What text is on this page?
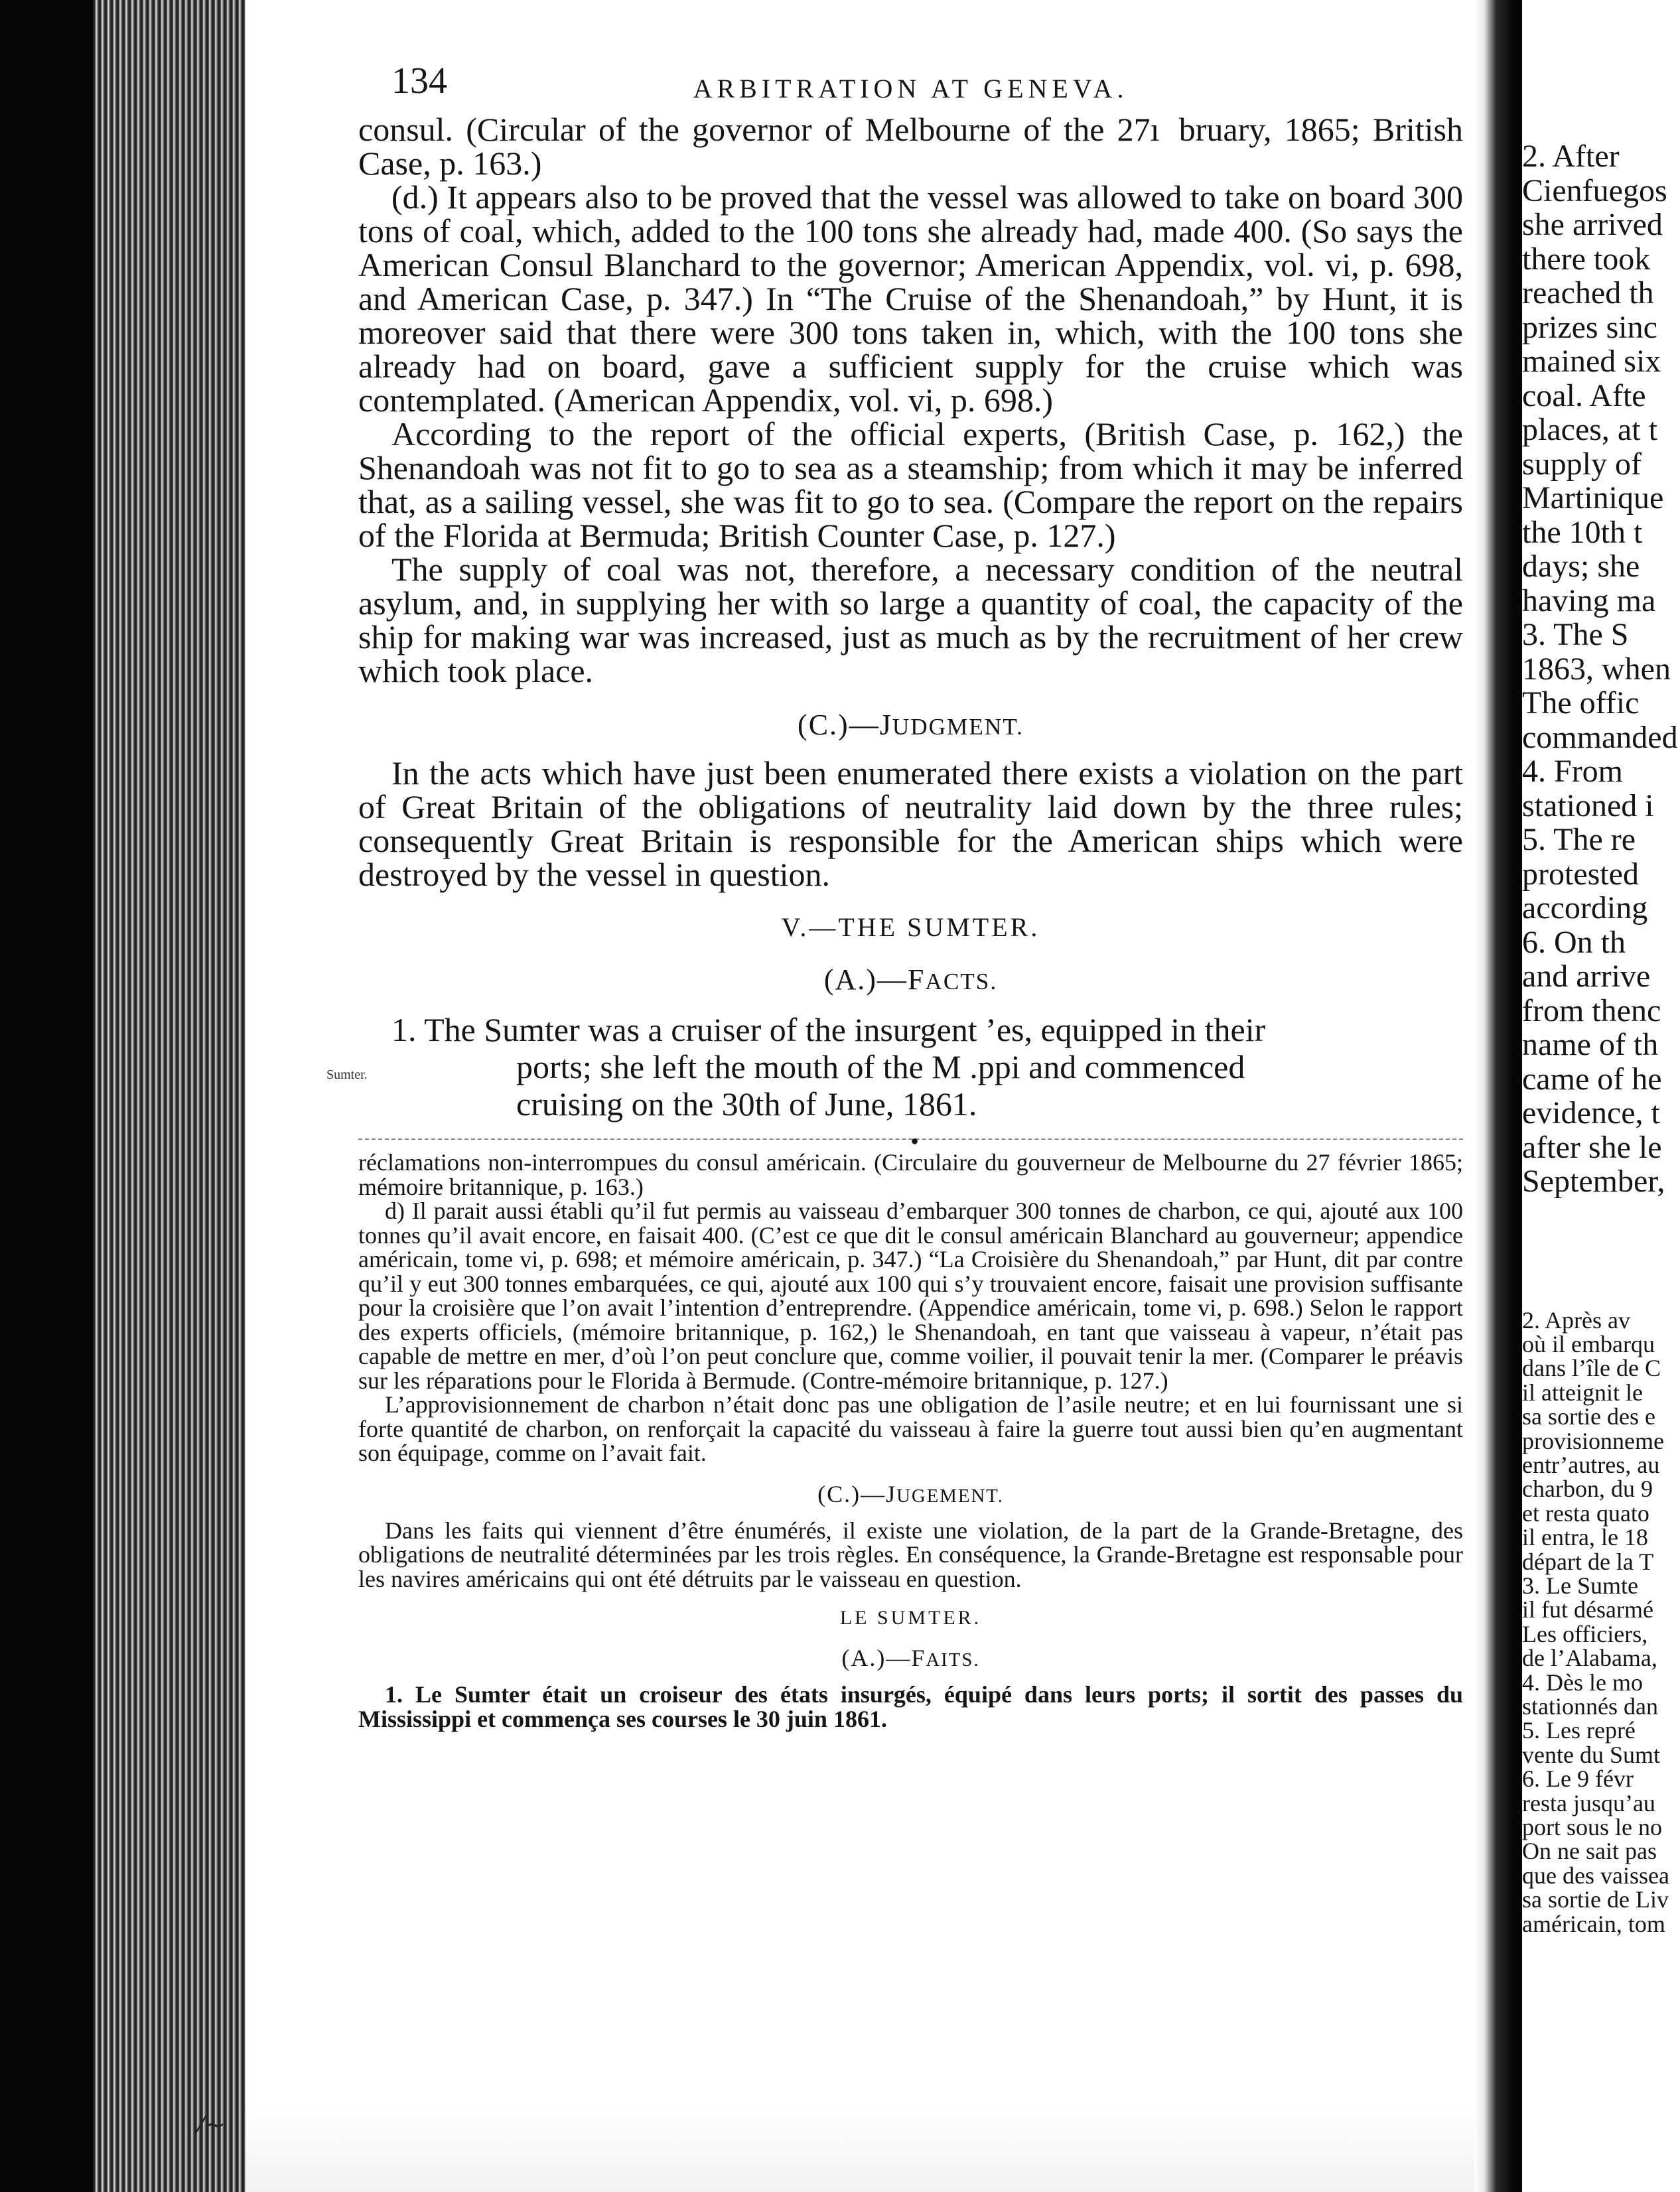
134	ARBITRATION AT GENEVA.

consul. (Circular of the governor of Melbourne of the 27ı  bruary, 1865; British Case, p. 163.)

(d.) It appears also to be proved that the vessel was allowed to take on board 300 tons of coal, which, added to the 100 tons she already had, made 400. (So says the American Consul Blanchard to the governor; American Appendix, vol. vi, p. 698, and American Case, p. 347.) In “The Cruise of the Shenandoah,” by Hunt, it is moreover said that there were 300 tons taken in, which, with the 100 tons she already had on board, gave a sufficient supply for the cruise which was contemplated. (American Appendix, vol. vi, p. 698.)

According to the report of the official experts, (British Case, p. 162,) the Shenandoah was not fit to go to sea as a steamship; from which it may be inferred that, as a sailing vessel, she was fit to go to sea. (Compare the report on the repairs of the Florida at Bermuda; British Counter Case, p. 127.)

The supply of coal was not, therefore, a necessary condition of the neutral asylum, and, in supplying her with so large a quantity of coal, the capacity of the ship for making war was increased, just as much as by the recruitment of her crew which took place.

(C.)—JUDGMENT.

In the acts which have just been enumerated there exists a violation on the part of Great Britain of the obligations of neutrality laid down by the three rules; consequently Great Britain is responsible for the American ships which were destroyed by the vessel in question.

V.—THE SUMTER.
(A.)—FACTS.
Sumter.

1. The Sumter was a cruiser of the insurgent ’es, equipped in their

ports; she left the mouth of the M .ppi and commenced

cruising on the 30th of June, 1861.

●

réclamations non-interrompues du consul américain. (Circulaire du gouverneur de Melbourne du 27 février 1865; mémoire britannique, p. 163.)

d) Il parait aussi établi qu’il fut permis au vaisseau d’embarquer 300 tonnes de charbon, ce qui, ajouté aux 100 tonnes qu’il avait encore, en faisait 400. (C’est ce que dit le consul américain Blanchard au gouverneur; appendice américain, tome vi, p. 698; et mémoire américain, p. 347.) “La Croisière du Shenandoah,” par Hunt, dit par contre qu’il y eut 300 tonnes embarquées, ce qui, ajouté aux 100 qui s’y trouvaient encore, faisait une provision suffisante pour la croisière que l’on avait l’intention d’entreprendre. (Appendice américain, tome vi, p. 698.) Selon le rapport des experts officiels, (mémoire britannique, p. 162,) le Shenandoah, en tant que vaisseau à vapeur, n’était pas capable de mettre en mer, d’où l’on peut conclure que, comme voilier, il pouvait tenir la mer. (Comparer le préavis sur les réparations pour le Florida à Bermude. (Contre-mémoire britannique, p. 127.)

L’approvisionnement de charbon n’était donc pas une obligation de l’asile neutre; et en lui fournissant une si forte quantité de charbon, on renforçait la capacité du vaisseau à faire la guerre tout aussi bien qu’en augmentant son équipage, comme on l’avait fait.

(C.)—JUGEMENT.

Dans les faits qui viennent d’être énumérés, il existe une violation, de la part de la Grande-Bretagne, des obligations de neutralité déterminées par les trois règles. En conséquence, la Grande-Bretagne est responsable pour les navires américains qui ont été détruits par le vaisseau en question.

LE SUMTER.
(A.)—FAITS.

1. Le Sumter était un croiseur des états insurgés, équipé dans leurs ports; il sortit des passes du Mississippi et commença ses courses le 30 juin 1861.

2. After
Cienfuegos
she arrived
there took
reached th
prizes sinc
mained six
coal. Afte
places, at t
supply of
Martinique
the 10th t
days; she
having ma
3. The S
1863, when
The offic
commanded
4. From
stationed i
5. The re
protested
according
6. On th
and arrive
from thenc
name of th
came of he
evidence, t
after she le
September,
2. Après av
où il embarqu
dans l’île de C
il atteignit le
sa sortie des e
provisionneme
entr’autres, au
charbon, du 9
et resta quato
il entra, le 18
départ de la T
3. Le Sumte
il fut désarmé
Les officiers,
de l’Alabama,
4. Dès le mo
stationnés dan
5. Les repré
vente du Sumt
6. Le 9 févr
resta jusqu’au
port sous le no
On ne sait pas
que des vaissea
sa sortie de Liv
américain, tom
⁄~
